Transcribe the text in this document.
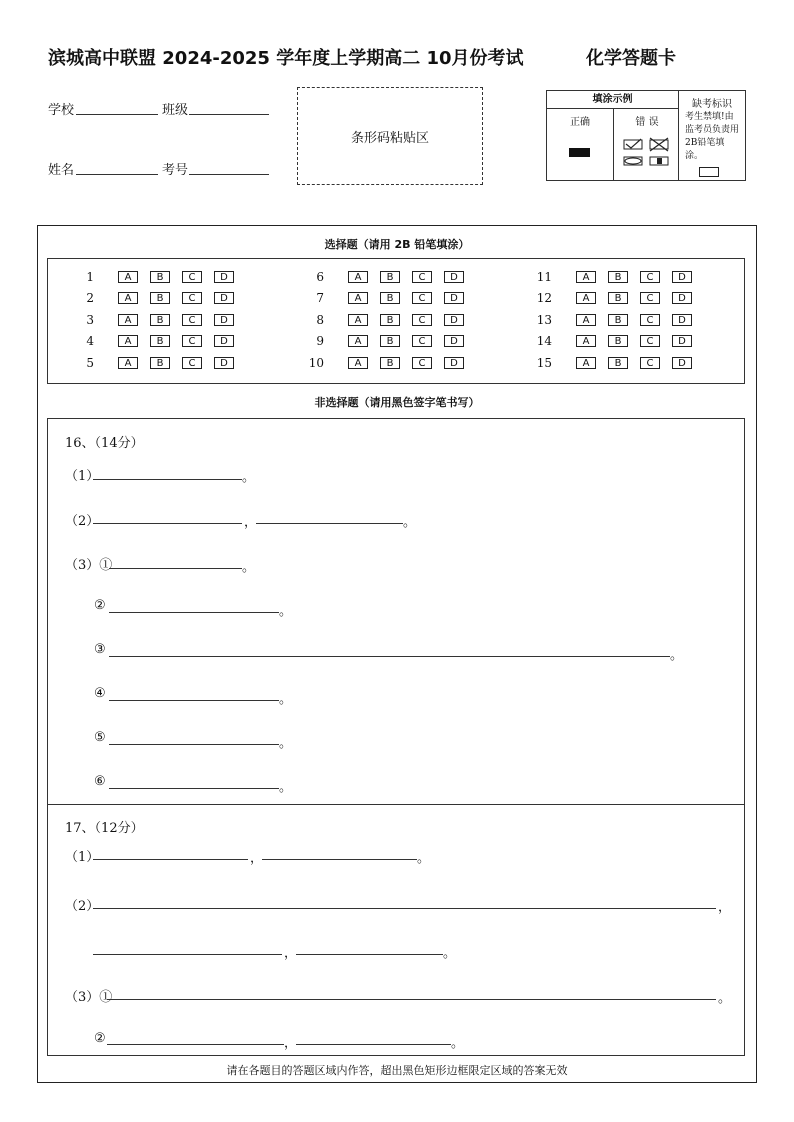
滨城高中联盟 2024-2025 学年度上学期高二 10月份考试	化学答题卡
学校	班级
姓名	考号
条形码粘贴区
填涂示例
正确	错 误
缺考标识
考生禁填!由监考员负责用2B铅笔填涂。
选择题（请用 2B 铅笔填涂）
1	A	B	C	D
2	A	B	C	D
3	A	B	C	D
4	A	B	C	D
5	A	B	C	D
6	A	B	C	D
7	A	B	C	D
8	A	B	C	D
9	A	B	C	D
10	A	B	C	D
11	A	B	C	D
12	A	B	C	D
13	A	B	C	D
14	A	B	C	D
15	A	B	C	D
非选择题（请用黑色签字笔书写）
16、（14分）
（1）	。
（2）	，	。
（3）①	。
②	。
③	。
④	。
⑤	。
⑥	。
17、（12分）
（1）	，	。
（2）	，
，	。
（3）①	。
②	，	。
请在各题目的答题区域内作答，超出黑色矩形边框限定区域的答案无效
